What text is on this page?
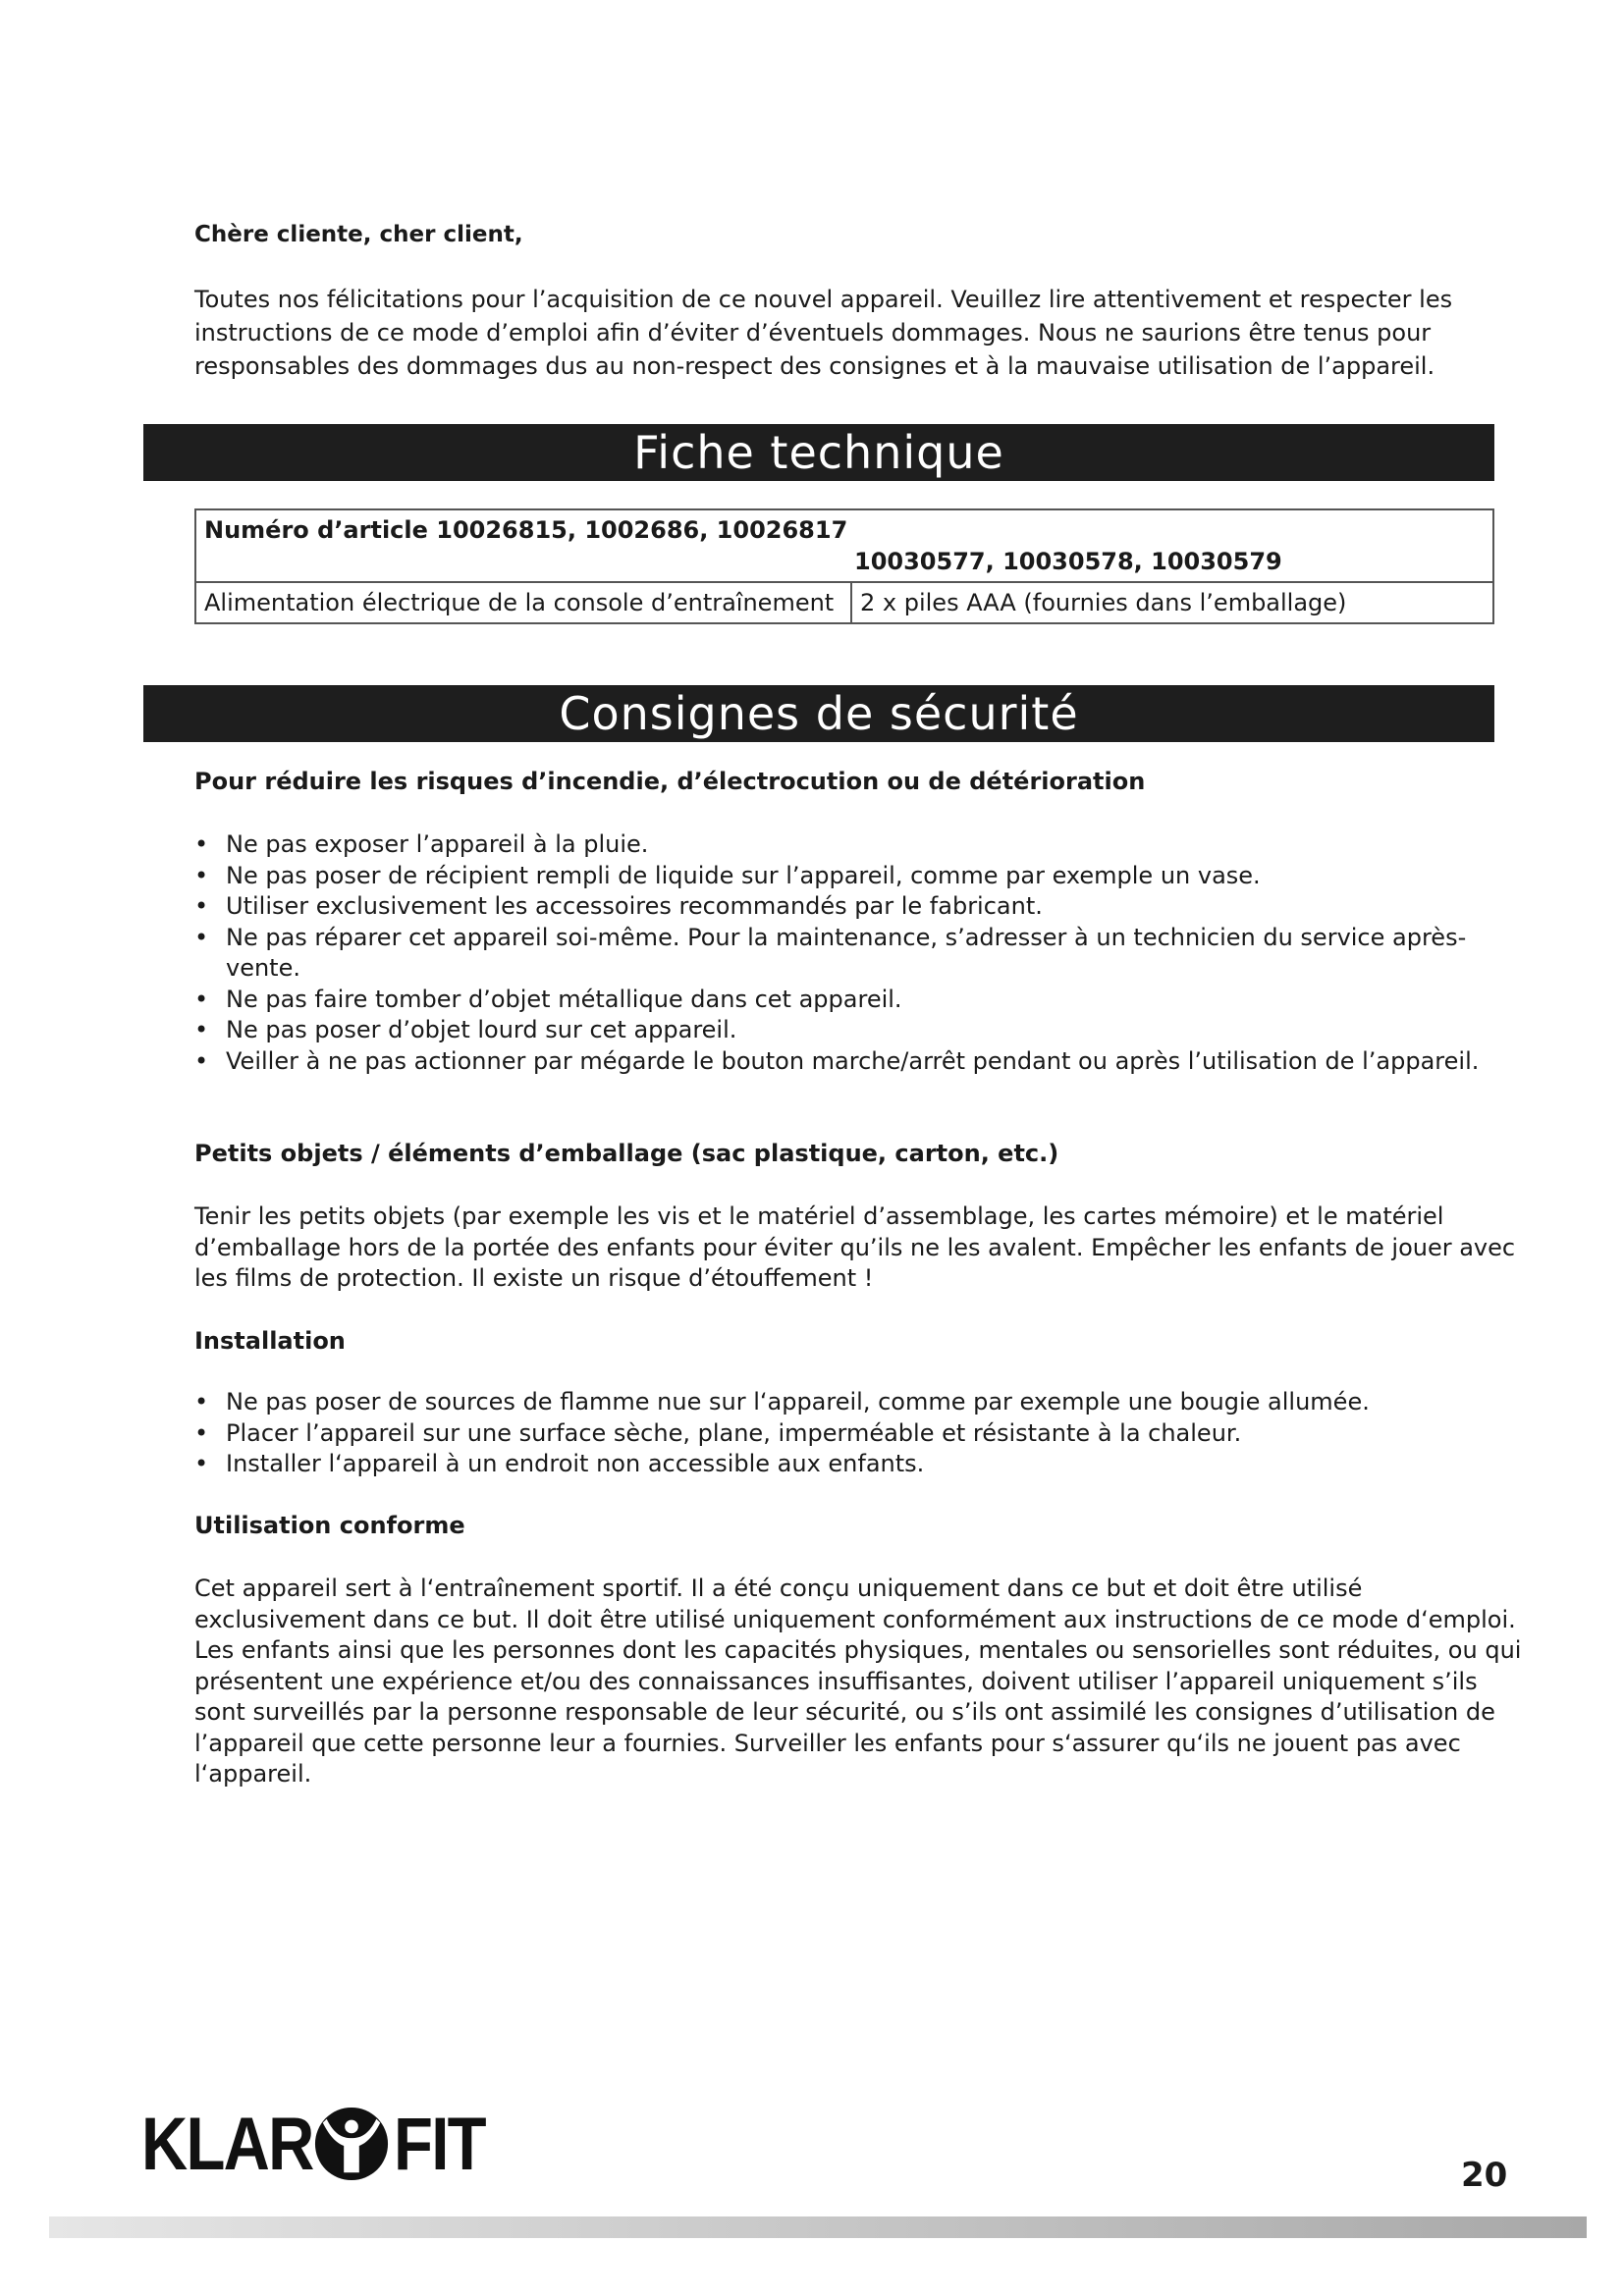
Chère cliente, cher client,
Toutes nos félicitations pour l’acquisition de ce nouvel appareil. Veuillez lire attentivement et respecter les instructions de ce mode d’emploi afin d’éviter d’éventuels dommages. Nous ne saurions être tenus pour responsables des dommages dus au non-respect des consignes et à la mauvaise utilisation de l’appareil.
Fiche technique
Numéro d’article 10026815, 1002686, 10026817
10030577, 10030578, 10030579

Alimentation électrique de la console d’entraînement	2 x piles AAA (fournies dans l’emballage)
Consignes de sécurité
Pour réduire les risques d’incendie, d’électrocution ou de détérioration
• Ne pas exposer l’appareil à la pluie.
• Ne pas poser de récipient rempli de liquide sur l’appareil, comme par exemple un vase.
• Utiliser exclusivement les accessoires recommandés par le fabricant.
• Ne pas réparer cet appareil soi-même. Pour la maintenance, s’adresser à un technicien du service après-vente.
• Ne pas faire tomber d’objet métallique dans cet appareil.
• Ne pas poser d’objet lourd sur cet appareil.
• Veiller à ne pas actionner par mégarde le bouton marche/arrêt pendant ou après l’utilisation de l’appareil.
Petits objets / éléments d’emballage (sac plastique, carton, etc.)

Tenir les petits objets (par exemple les vis et le matériel d’assemblage, les cartes mémoire) et le matériel d’emballage hors de la portée des enfants pour éviter qu’ils ne les avalent. Empêcher les enfants de jouer avec les films de protection. Il existe un risque d’étouffement !

Installation
• Ne pas poser de sources de flamme nue sur l‘appareil, comme par exemple une bougie allumée.
• Placer l’appareil sur une surface sèche, plane, imperméable et résistante à la chaleur.
• Installer l‘appareil à un endroit non accessible aux enfants.
Utilisation conforme

Cet appareil sert à l‘entraînement sportif. Il a été conçu uniquement dans ce but et doit être utilisé exclusivement dans ce but. Il doit être utilisé uniquement conformément aux instructions de ce mode d‘emploi. Les enfants ainsi que les personnes dont les capacités physiques, mentales ou sensorielles sont réduites, ou qui présentent une expérience et/ou des connaissances insuffisantes, doivent utiliser l’appareil uniquement s’ils sont surveillés par la personne responsable de leur sécurité, ou s’ils ont assimilé les consignes d’utilisation de l’appareil que cette personne leur a fournies. Surveiller les enfants pour s‘assurer qu‘ils ne jouent pas avec l‘appareil.

KLAR FIT	20
